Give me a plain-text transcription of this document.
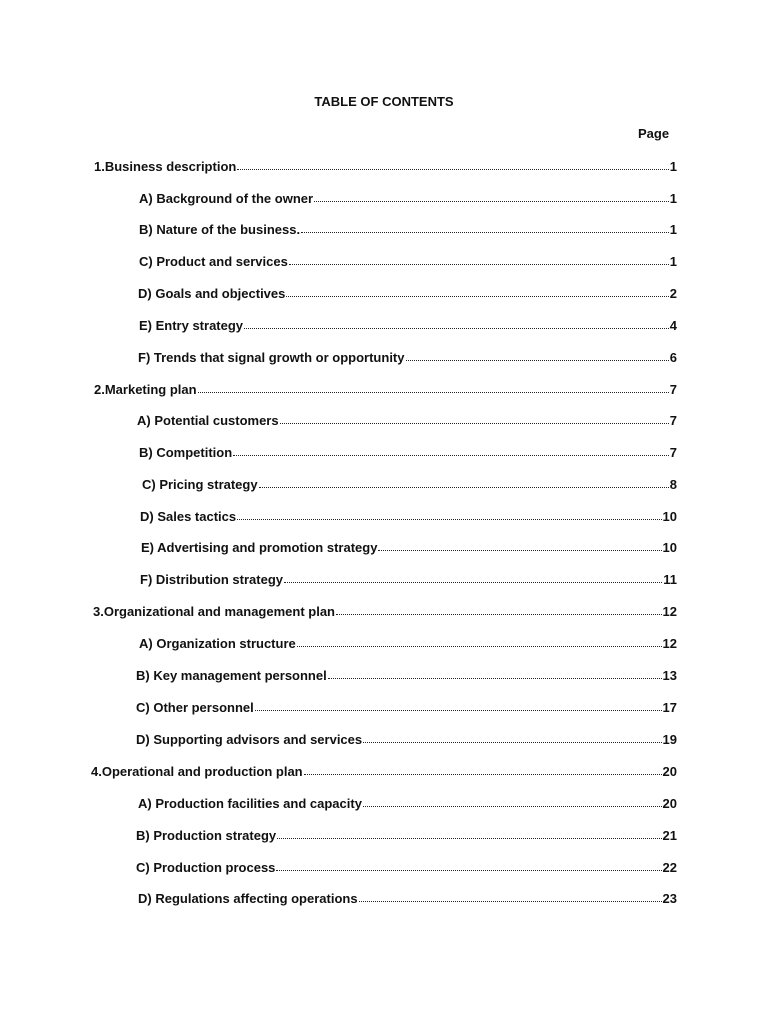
TABLE OF CONTENTS
Page
1.Business description	1
A) Background of the owner	1
B) Nature of the business.	1
C) Product and services	1
D) Goals and objectives	2
E) Entry strategy	4
F) Trends that signal growth or opportunity	6
2.Marketing plan	7
A) Potential customers	7
B) Competition	7
C) Pricing strategy	8
D) Sales tactics	10
E) Advertising and promotion strategy	10
F) Distribution strategy	11
3.Organizational and management plan	12
A) Organization structure	12
B) Key management personnel	13
C) Other personnel	17
D) Supporting advisors and services	19
4.Operational and production plan	20
A) Production facilities and capacity	20
B) Production strategy	21
C) Production process	22
D) Regulations affecting operations	23
